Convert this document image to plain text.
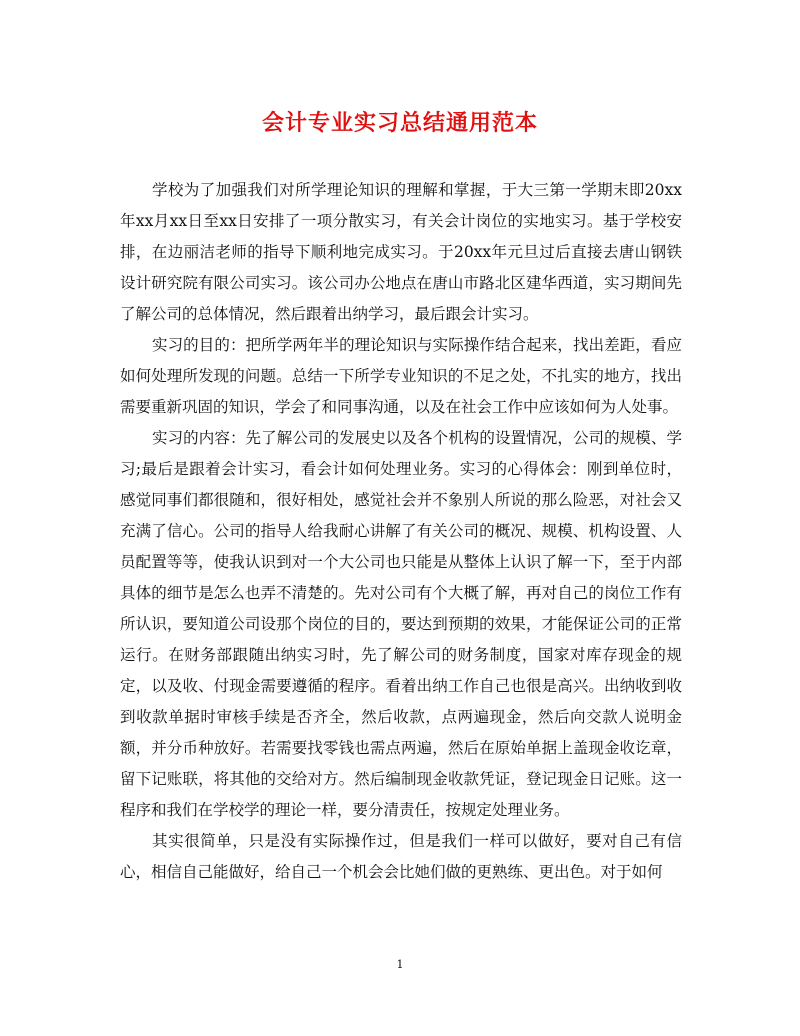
会计专业实习总结通用范本

学校为了加强我们对所学理论知识的理解和掌握，于大三第一学期末即20xx年xx月xx日至xx日安排了一项分散实习，有关会计岗位的实地实习。基于学校安排，在边丽洁老师的指导下顺利地完成实习。于20xx年元旦过后直接去唐山钢铁设计研究院有限公司实习。该公司办公地点在唐山市路北区建华西道，实习期间先了解公司的总体情况，然后跟着出纳学习，最后跟会计实习。

实习的目的：把所学两年半的理论知识与实际操作结合起来，找出差距，看应如何处理所发现的问题。总结一下所学专业知识的不足之处，不扎实的地方，找出需要重新巩固的知识，学会了和同事沟通，以及在社会工作中应该如何为人处事。

实习的内容：先了解公司的发展史以及各个机构的设置情况，公司的规模、学习;最后是跟着会计实习，看会计如何处理业务。实习的心得体会：刚到单位时，感觉同事们都很随和，很好相处，感觉社会并不象别人所说的那么险恶，对社会又充满了信心。公司的指导人给我耐心讲解了有关公司的概况、规模、机构设置、人员配置等等，使我认识到对一个大公司也只能是从整体上认识了解一下，至于内部具体的细节是怎么也弄不清楚的。先对公司有个大概了解，再对自己的岗位工作有所认识，要知道公司设那个岗位的目的，要达到预期的效果，才能保证公司的正常运行。在财务部跟随出纳实习时，先了解公司的财务制度，国家对库存现金的规定，以及收、付现金需要遵循的程序。看着出纳工作自己也很是高兴。出纳收到收到收款单据时审核手续是否齐全，然后收款，点两遍现金，然后向交款人说明金额，并分币种放好。若需要找零钱也需点两遍，然后在原始单据上盖现金收讫章，留下记账联，将其他的交给对方。然后编制现金收款凭证，登记现金日记账。这一程序和我们在学校学的理论一样，要分清责任，按规定处理业务。

其实很简单，只是没有实际操作过，但是我们一样可以做好，要对自己有信心，相信自己能做好，给自己一个机会会比她们做的更熟练、更出色。对于如何

1
